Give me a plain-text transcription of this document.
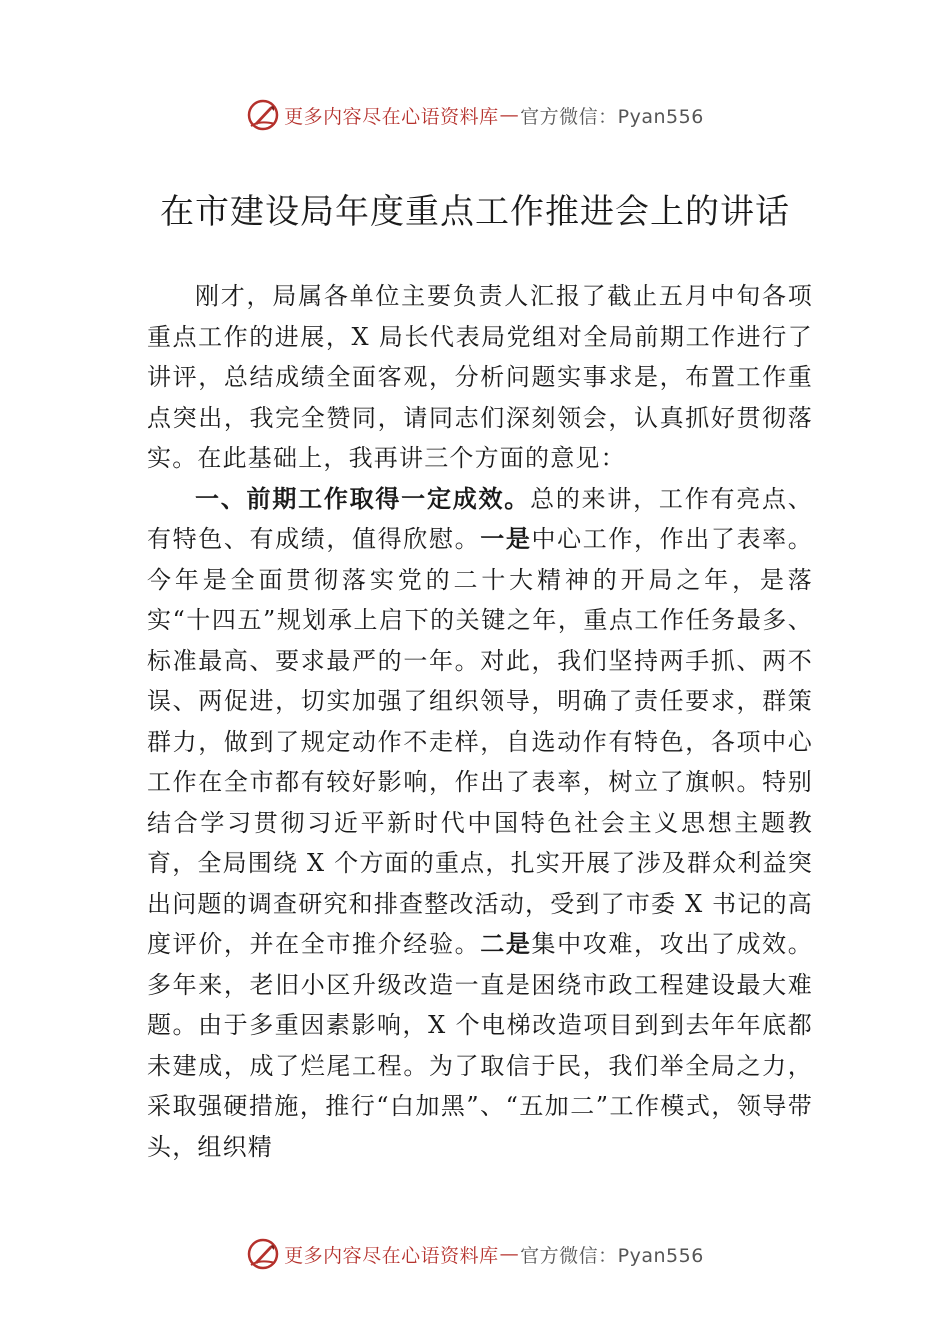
更多内容尽在心语资料库 — 官方微信：Pyan556
在市建设局年度重点工作推进会上的讲话

刚才，局属各单位主要负责人汇报了截止五月中旬各项重点工作的进展，X 局长代表局党组对全局前期工作进行了讲评，总结成绩全面客观，分析问题实事求是，布置工作重点突出，我完全赞同，请同志们深刻领会，认真抓好贯彻落实。在此基础上，我再讲三个方面的意见：

一、前期工作取得一定成效。总的来讲，工作有亮点、有特色、有成绩，值得欣慰。一是中心工作，作出了表率。今年是全面贯彻落实党的二十大精神的开局之年，是落实“十四五”规划承上启下的关键之年，重点工作任务最多、标准最高、要求最严的一年。对此，我们坚持两手抓、两不误、两促进，切实加强了组织领导，明确了责任要求，群策群力，做到了规定动作不走样，自选动作有特色，各项中心工作在全市都有较好影响，作出了表率，树立了旗帜。特别结合学习贯彻习近平新时代中国特色社会主义思想主题教育，全局围绕 X 个方面的重点，扎实开展了涉及群众利益突出问题的调查研究和排查整改活动，受到了市委 X 书记的高度评价，并在全市推介经验。二是集中攻难，攻出了成效。多年来，老旧小区升级改造一直是困绕市政工程建设最大难题。由于多重因素影响，X 个电梯改造项目到到去年年底都未建成，成了烂尾工程。为了取信于民，我们举全局之力，采取强硬措施，推行“白加黑”、“五加二”工作模式，领导带头，组织精

更多内容尽在心语资料库 — 官方微信：Pyan556
